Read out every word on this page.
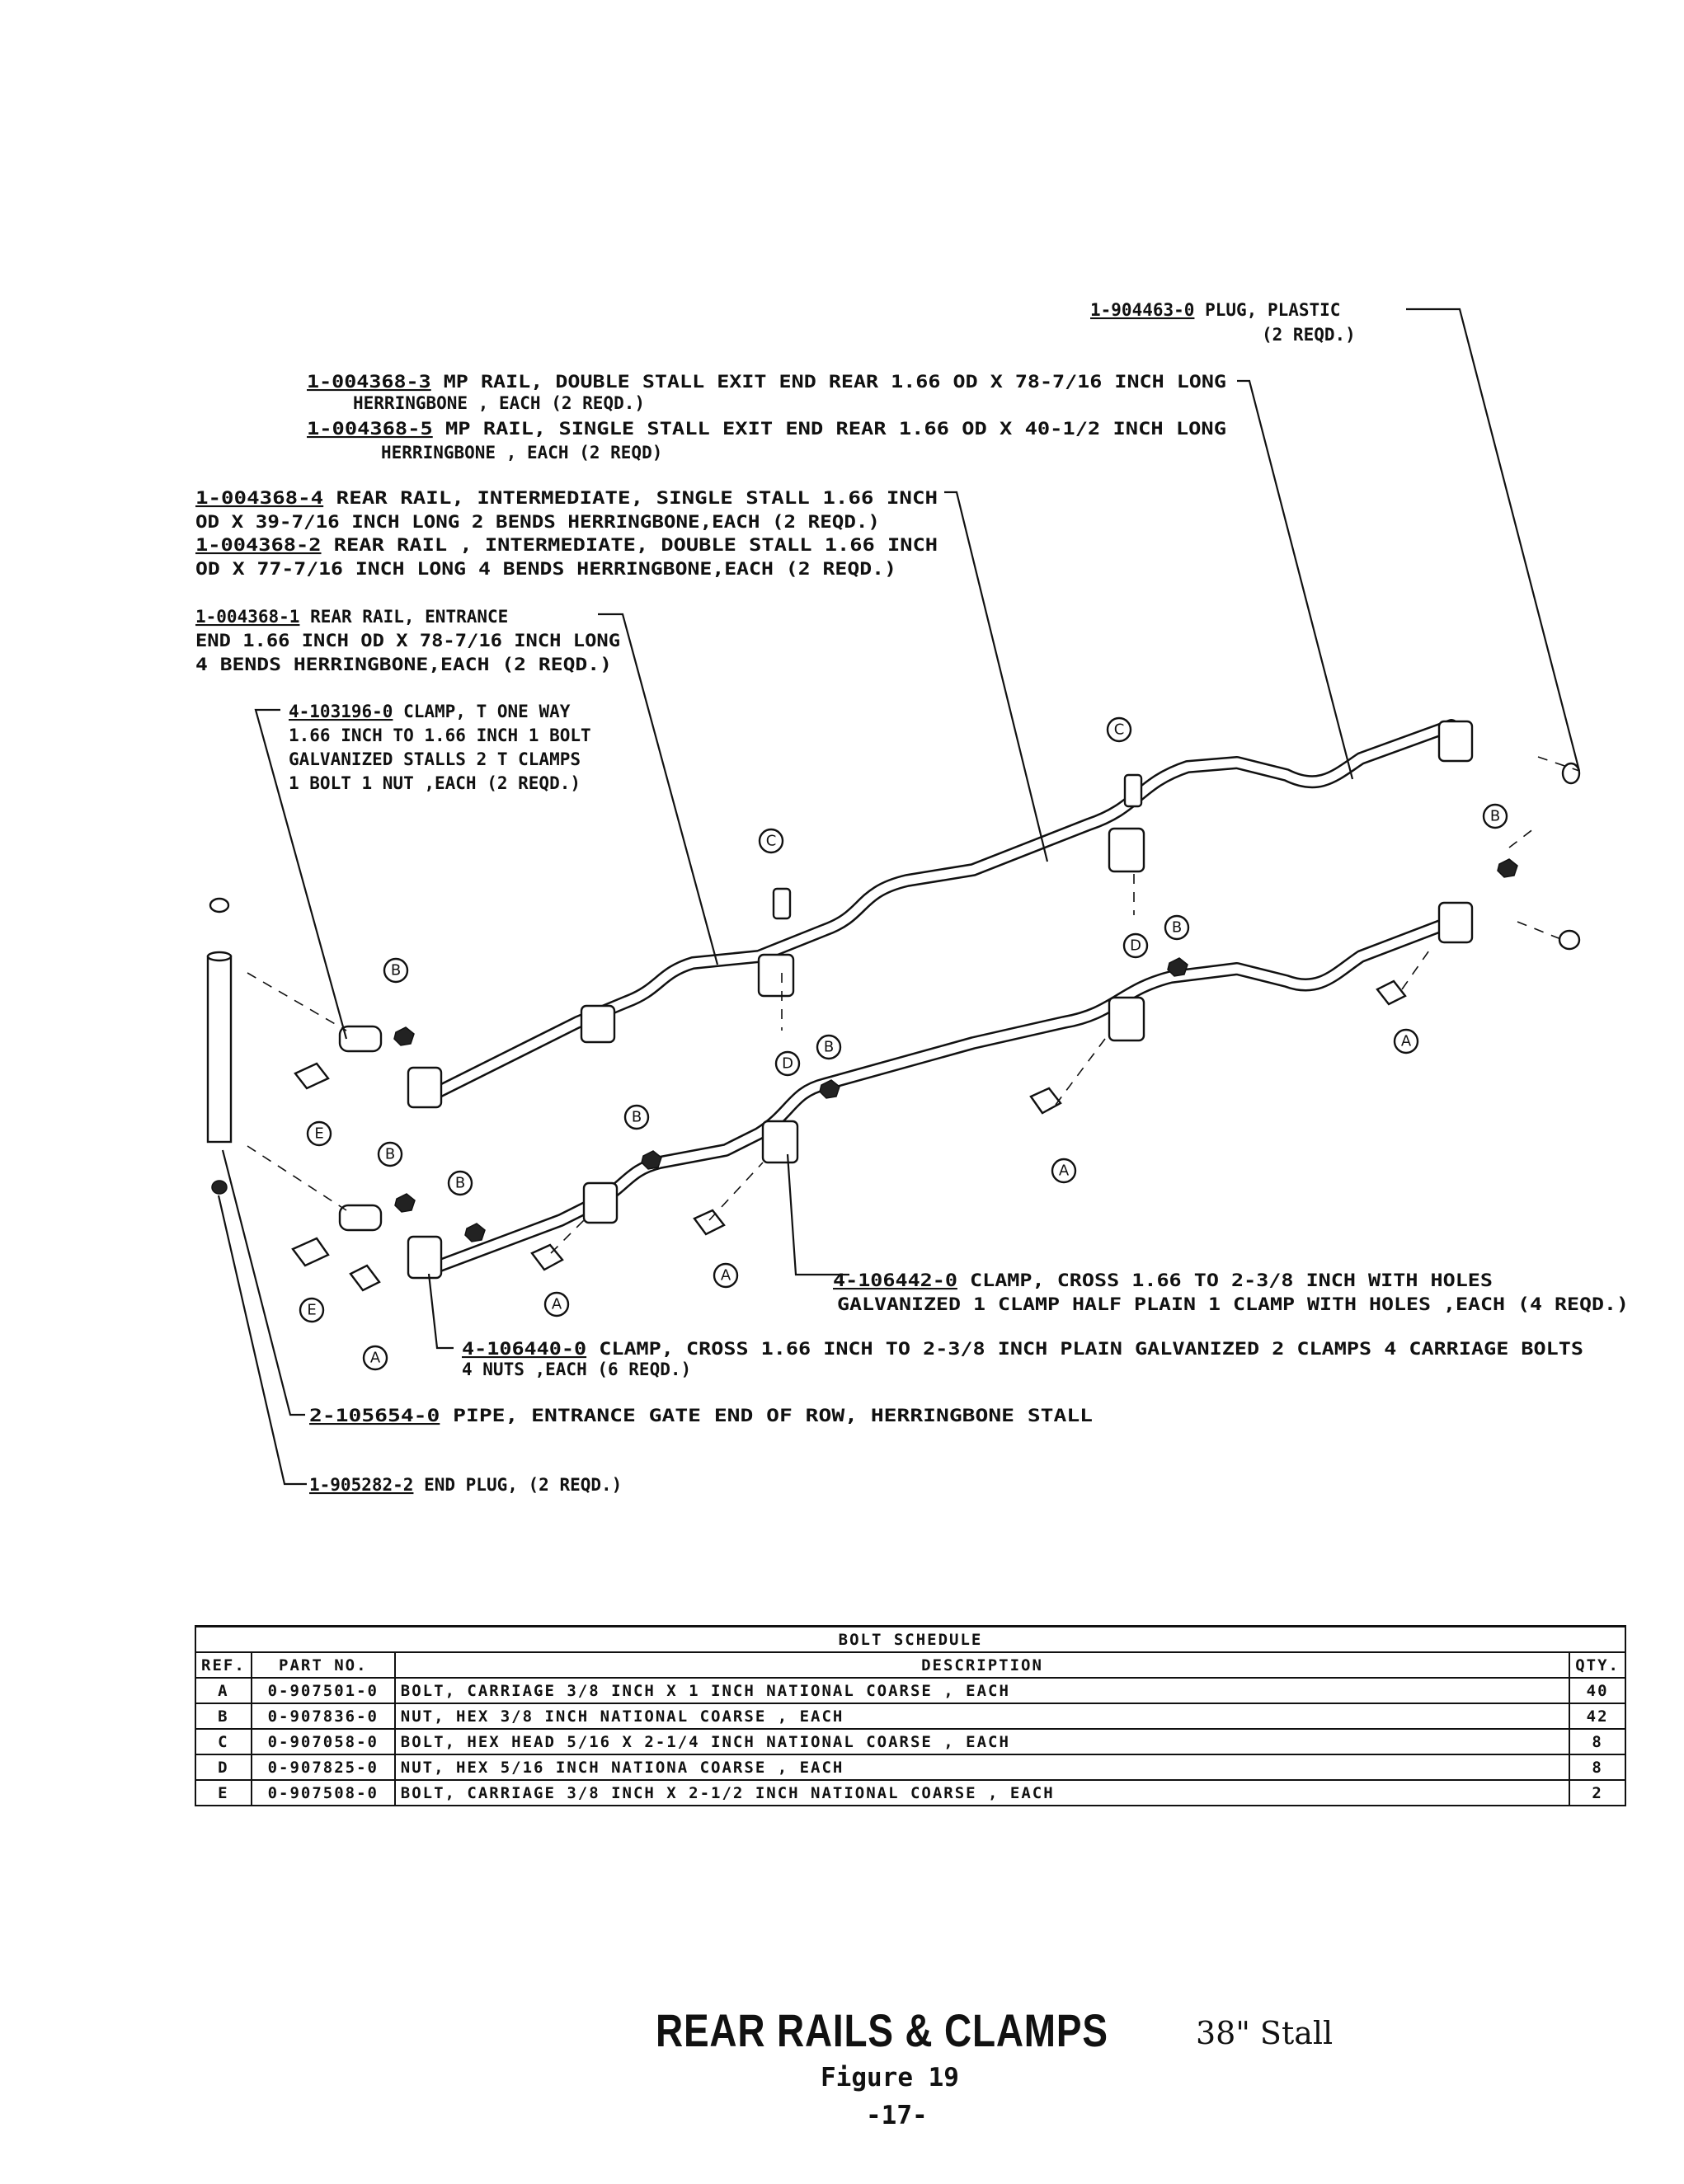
B
B
B
B
B
B
B
C
C
D
D
E
E
A
A
A
A
A
1-904463-0 PLUG, PLASTIC
(2 REQD.)
1-004368-3 MP RAIL, DOUBLE STALL EXIT END REAR 1.66 OD X 78-7/16 INCH LONG
HERRINGBONE , EACH (2 REQD.)
1-004368-5 MP RAIL, SINGLE STALL EXIT END REAR 1.66 OD X 40-1/2 INCH LONG
HERRINGBONE , EACH (2 REQD)
1-004368-4 REAR RAIL, INTERMEDIATE, SINGLE STALL 1.66 INCH
OD X 39-7/16 INCH LONG 2 BENDS HERRINGBONE,EACH (2 REQD.)
1-004368-2 REAR RAIL , INTERMEDIATE, DOUBLE STALL 1.66 INCH
OD X 77-7/16 INCH LONG 4 BENDS HERRINGBONE,EACH (2 REQD.)
1-004368-1 REAR RAIL, ENTRANCE
END 1.66 INCH OD X 78-7/16 INCH LONG
4 BENDS HERRINGBONE,EACH (2 REQD.)
4-103196-0 CLAMP, T ONE WAY
1.66 INCH TO 1.66 INCH 1 BOLT
GALVANIZED STALLS 2 T CLAMPS
1 BOLT 1 NUT ,EACH (2 REQD.)
4-106442-0 CLAMP, CROSS 1.66 TO 2-3/8 INCH WITH HOLES
GALVANIZED 1 CLAMP HALF PLAIN 1 CLAMP WITH HOLES ,EACH (4 REQD.)
4-106440-0 CLAMP, CROSS 1.66 INCH TO 2-3/8 INCH PLAIN GALVANIZED 2 CLAMPS 4 CARRIAGE BOLTS
4 NUTS ,EACH (6 REQD.)
2-105654-0 PIPE, ENTRANCE GATE END OF ROW, HERRINGBONE STALL
1-905282-2 END PLUG, (2 REQD.)
BOLT SCHEDULE			
REF.	PART NO.	DESCRIPTION	QTY.
A	0-907501-0	BOLT, CARRIAGE 3/8 INCH X 1 INCH NATIONAL COARSE , EACH	40
B	0-907836-0	NUT, HEX 3/8 INCH NATIONAL COARSE , EACH	42
C	0-907058-0	BOLT, HEX HEAD 5/16 X 2-1/4 INCH NATIONAL COARSE , EACH	8
D	0-907825-0	NUT, HEX 5/16 INCH NATIONA COARSE , EACH	8
E	0-907508-0	BOLT, CARRIAGE 3/8 INCH X 2-1/2 INCH NATIONAL COARSE , EACH	2
REAR RAILS & CLAMPS	38" Stall
Figure 19
-17-
